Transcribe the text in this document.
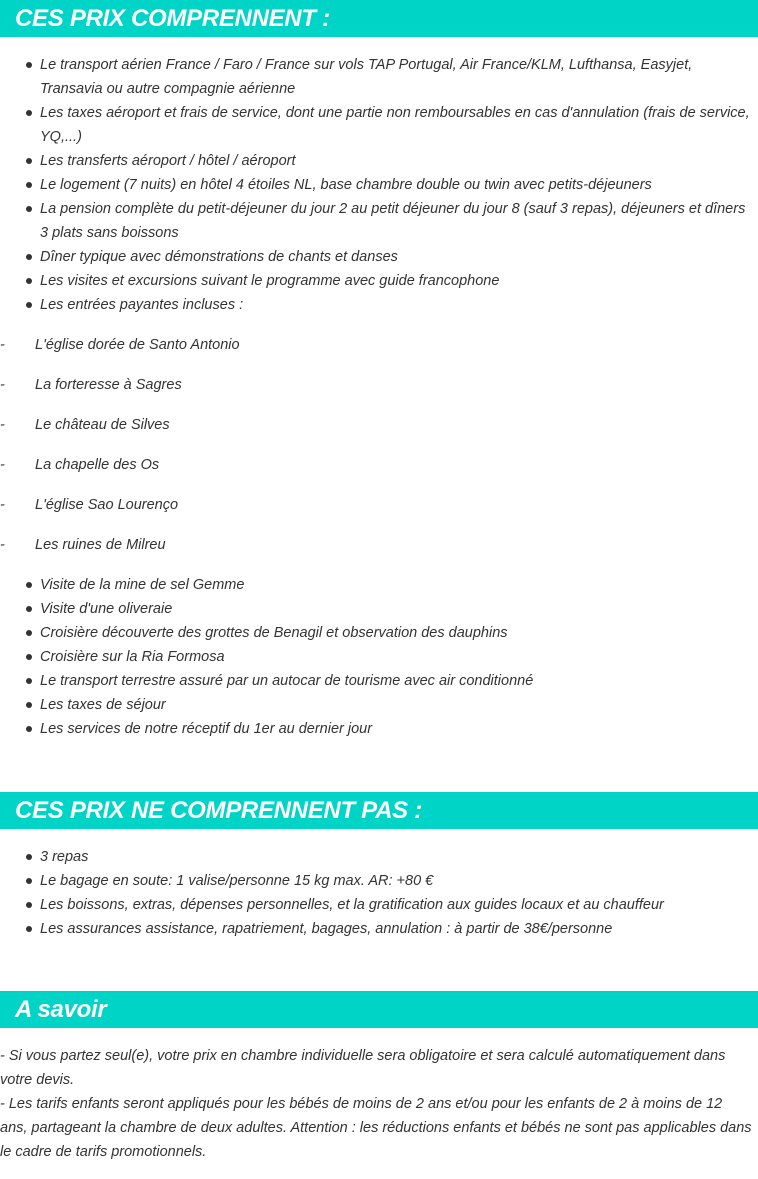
CES PRIX COMPRENNENT :
Le transport aérien France / Faro / France sur vols TAP Portugal, Air France/KLM, Lufthansa, Easyjet, Transavia ou autre compagnie aérienne
Les taxes aéroport et frais de service, dont une partie non remboursables en cas d'annulation (frais de service, YQ,...)
Les transferts aéroport / hôtel / aéroport
Le logement (7 nuits) en hôtel 4 étoiles NL, base chambre double ou twin avec petits-déjeuners
La pension complète du petit-déjeuner du jour 2 au petit déjeuner du jour 8 (sauf 3 repas), déjeuners et dîners 3 plats sans boissons
Dîner typique avec démonstrations de chants et danses
Les visites et excursions suivant le programme avec guide francophone
Les entrées payantes incluses :
- L'église dorée de Santo Antonio
- La forteresse à Sagres
- Le château de Silves
- La chapelle des Os
- L'église Sao Lourenço
- Les ruines de Milreu
Visite de la mine de sel Gemme
Visite d'une oliveraie
Croisière découverte des grottes de Benagil et observation des dauphins
Croisière sur la Ria Formosa
Le transport terrestre assuré par un autocar de tourisme avec air conditionné
Les taxes de séjour
Les services de notre réceptif du 1er au dernier jour
CES PRIX NE COMPRENNENT PAS :
3 repas
Le bagage en soute: 1 valise/personne 15 kg max. AR: +80 €
Les boissons, extras, dépenses personnelles, et la gratification aux guides locaux et au chauffeur
Les assurances assistance, rapatriement, bagages, annulation : à partir de 38€/personne
A savoir

- Si vous partez seul(e), votre prix en chambre individuelle sera obligatoire et sera calculé automatiquement dans votre devis.

- Les tarifs enfants seront appliqués pour les bébés de moins de 2 ans et/ou pour les enfants de 2 à moins de 12 ans, partageant la chambre de deux adultes. Attention : les réductions enfants et bébés ne sont pas applicables dans le cadre de tarifs promotionnels.
